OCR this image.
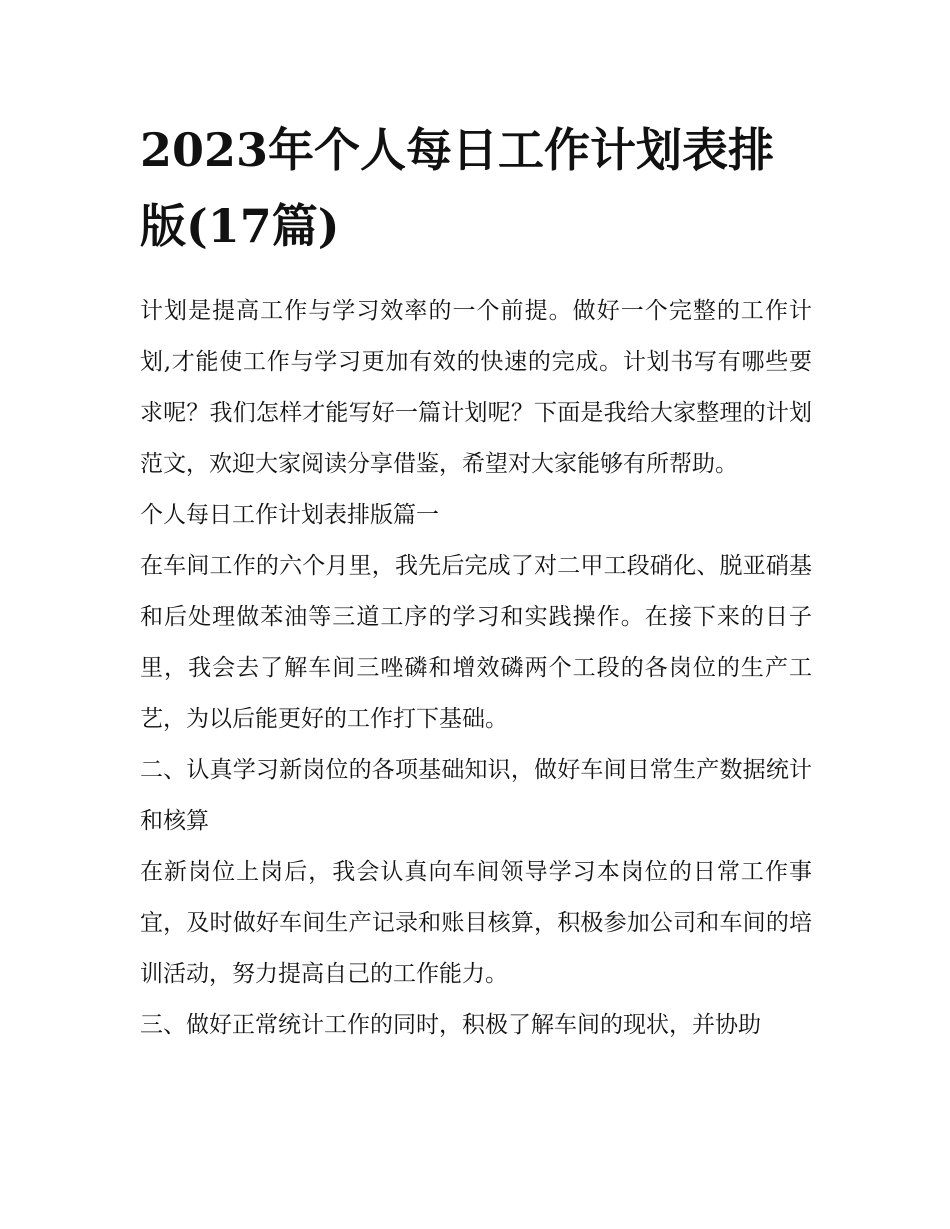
2023年个人每日工作计划表排版(17篇)

计划是提高工作与学习效率的一个前提。做好一个完整的工作计划,才能使工作与学习更加有效的快速的完成。计划书写有哪些要求呢？我们怎样才能写好一篇计划呢？下面是我给大家整理的计划范文，欢迎大家阅读分享借鉴，希望对大家能够有所帮助。

个人每日工作计划表排版篇一

在车间工作的六个月里，我先后完成了对二甲工段硝化、脱亚硝基和后处理做苯油等三道工序的学习和实践操作。在接下来的日子里，我会去了解车间三唑磷和增效磷两个工段的各岗位的生产工艺，为以后能更好的工作打下基础。

二、认真学习新岗位的各项基础知识，做好车间日常生产数据统计和核算

在新岗位上岗后，我会认真向车间领导学习本岗位的日常工作事宜，及时做好车间生产记录和账目核算，积极参加公司和车间的培训活动，努力提高自己的工作能力。

三、做好正常统计工作的同时，积极了解车间的现状，并协助
